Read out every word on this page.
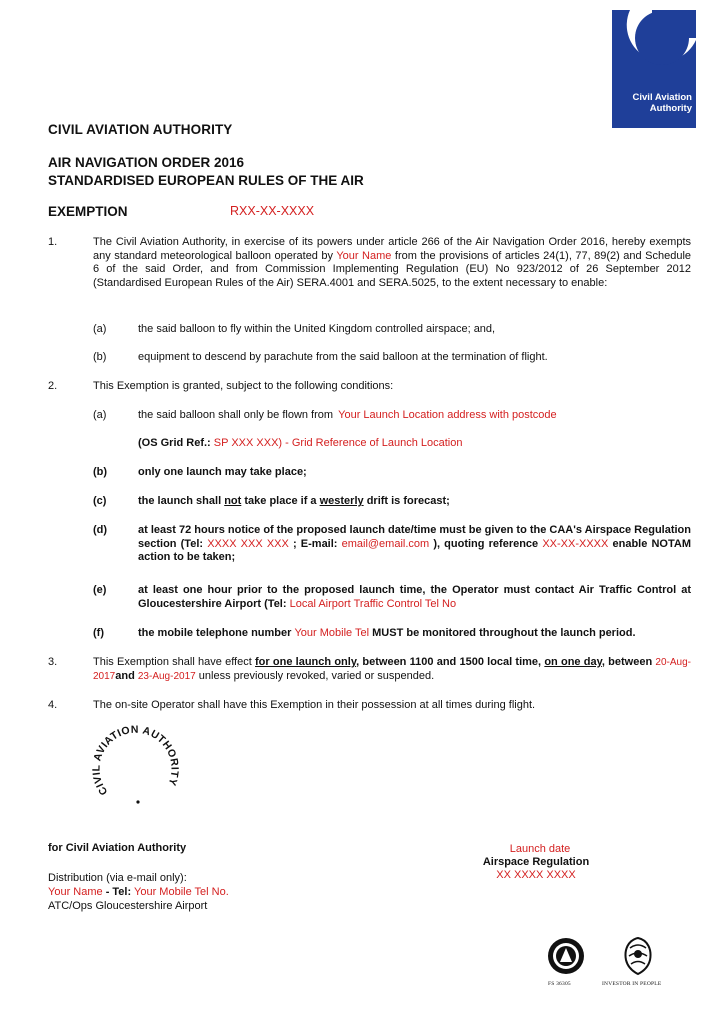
Civil Aviation
Authority
CIVIL AVIATION AUTHORITY
AIR NAVIGATION ORDER 2016
STANDARDISED EUROPEAN RULES OF THE AIR
EXEMPTION	RXX-XX-XXXX
1.	The Civil Aviation Authority, in exercise of its powers under article 266 of the Air Navigation Order 2016, hereby exempts any standard meteorological balloon operated by Your Name from the provisions of articles 24(1), 77, 89(2) and Schedule 6 of the said Order, and from Commission Implementing Regulation (EU) No 923/2012 of 26 September 2012 (Standardised European Rules of the Air) SERA.4001 and SERA.5025, to the extent necessary to enable:
(a)	the said balloon to fly within the United Kingdom controlled airspace; and,
(b)	equipment to descend by parachute from the said balloon at the termination of flight.
2.	This Exemption is granted, subject to the following conditions:
(a)	the said balloon shall only be flown from Your Launch Location address with postcode
(OS Grid Ref.: SP XXX XXX) - Grid Reference of Launch Location
(b)	only one launch may take place;
(c)	the launch shall not take place if a westerly drift is forecast;
(d)	at least 72 hours notice of the proposed launch date/time must be given to the CAA's Airspace Regulation section (Tel: XXXX XXX XXX ; E-mail: email@email.com ), quoting reference XX-XX-XXXX enable NOTAM action to be taken;
(e)	at least one hour prior to the proposed launch time, the Operator must contact Air Traffic Control at Gloucestershire Airport (Tel: Local Airport Traffic Control Tel No
(f)	the mobile telephone number Your Mobile Tel MUST be monitored throughout the launch period.
3.	This Exemption shall have effect for one launch only, between 1100 and 1500 local time, on one day, between 20-Aug-2017and 23-Aug-2017 unless previously revoked, varied or suspended.
4.	The on-site Operator shall have this Exemption in their possession at all times during flight.
CIVIL AVIATION AUTHORITY
for Civil Aviation Authority
Distribution (via e-mail only):
Your Name - Tel: Your Mobile Tel No.
ATC/Ops Gloucestershire Airport
Launch date
Airspace Regulation
XX XXXX XXXX
FS 36305	INVESTOR IN PEOPLE
